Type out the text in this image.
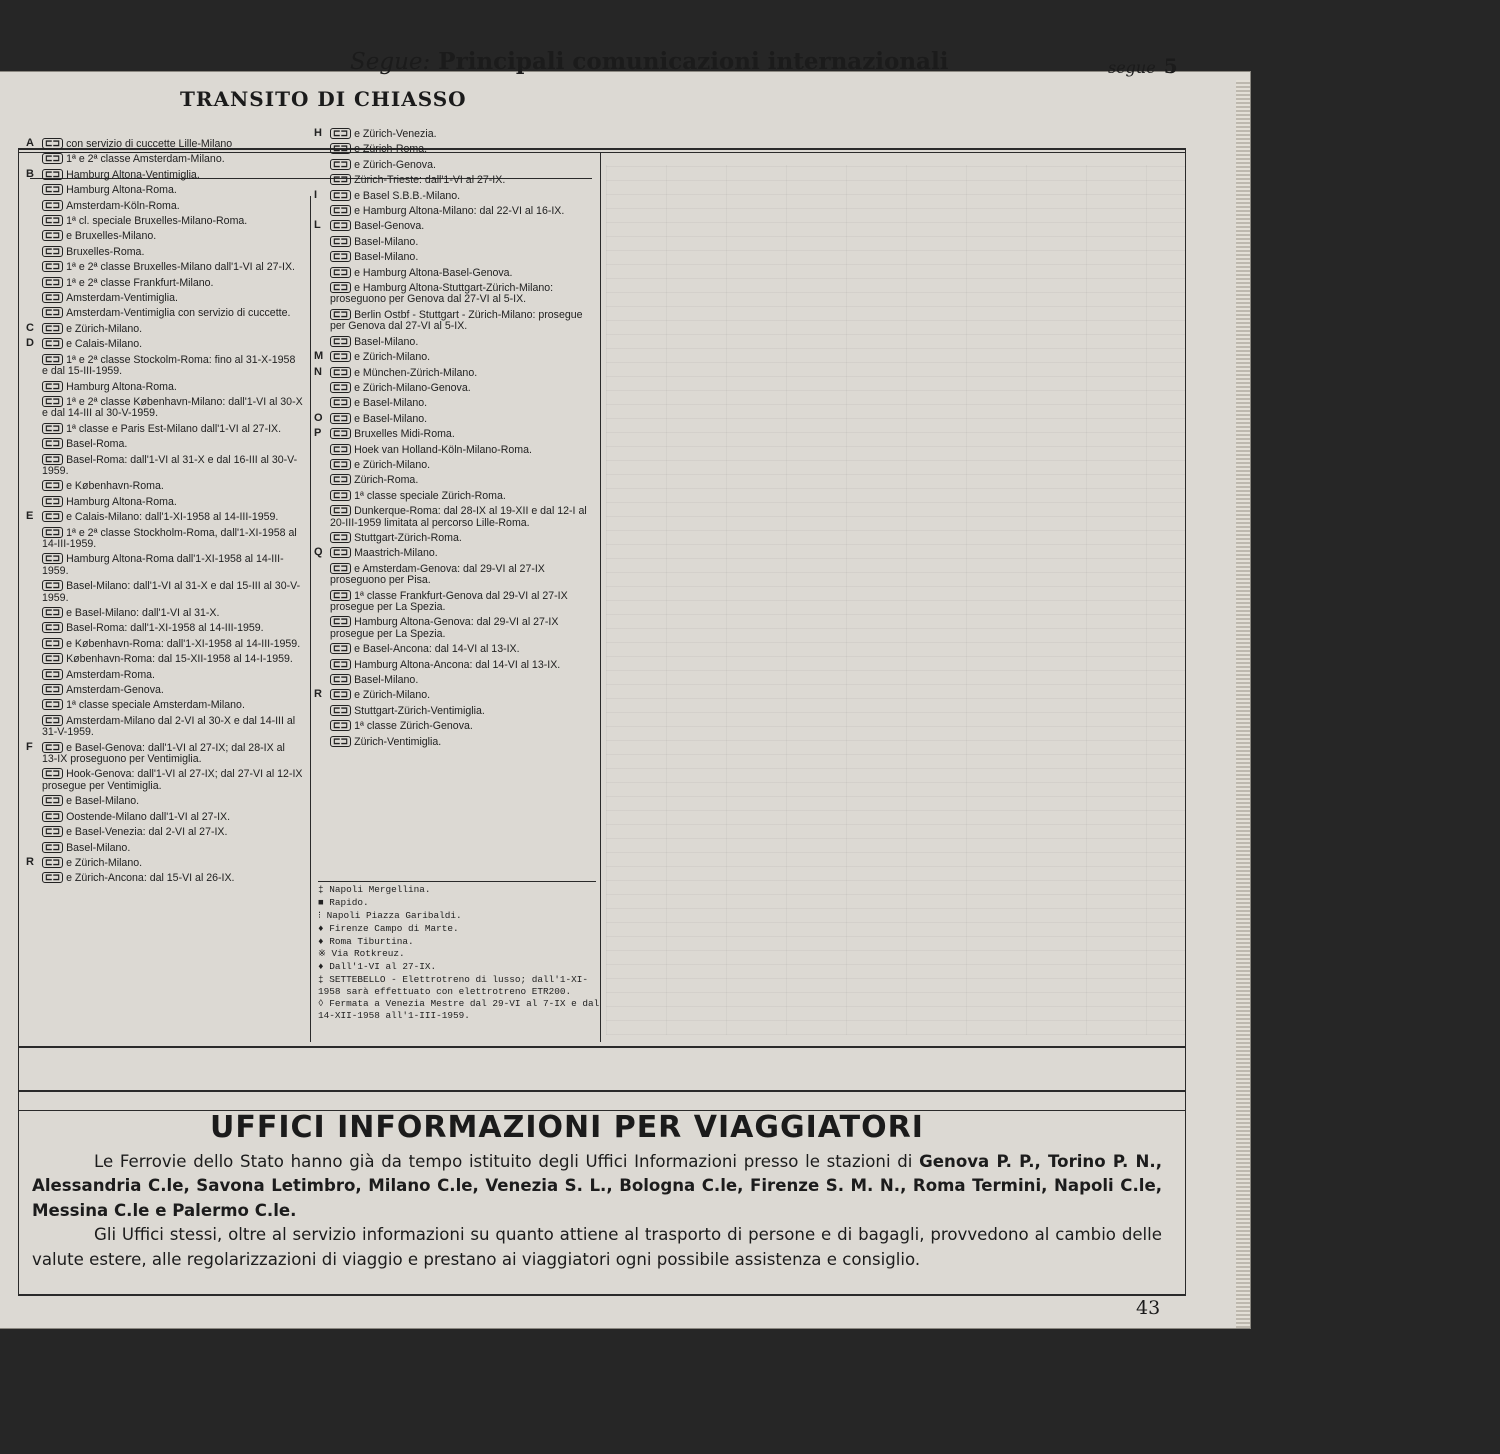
Segue: Principali comunicazioni internazionali	segue 5
TRANSITO DI CHIASSO
A	⊏⊐ con servizio di cuccette Lille-Milano
⊏⊐ 1ª e 2ª classe Amsterdam-Milano.
B	⊏⊐ Hamburg Altona-Ventimiglia.
⊏⊐ Hamburg Altona-Roma.
⊏⊐ Amsterdam-Köln-Roma.
⊏⊐ 1ª cl. speciale Bruxelles-Milano-Roma.
⊏⊐ e Bruxelles-Milano.
⊏⊐ Bruxelles-Roma.
⊏⊐ 1ª e 2ª classe Bruxelles-Milano dall'1-VI al 27-IX.
⊏⊐ 1ª e 2ª classe Frankfurt-Milano.
⊏⊐ Amsterdam-Ventimiglia.
⊏⊐ Amsterdam-Ventimiglia con servizio di cuccette.
C	⊏⊐ e Zürich-Milano.
D	⊏⊐ e Calais-Milano.
⊏⊐ 1ª e 2ª classe Stockolm-Roma: fino al 31-X-1958 e dal 15-III-1959.
⊏⊐ Hamburg Altona-Roma.
⊏⊐ 1ª e 2ª classe København-Milano: dall'1-VI al 30-X e dal 14-III al 30-V-1959.
⊏⊐ 1ª classe e Paris Est-Milano dall'1-VI al 27-IX.
⊏⊐ Basel-Roma.
⊏⊐ Basel-Roma: dall'1-VI al 31-X e dal 16-III al 30-V-1959.
⊏⊐ e København-Roma.
⊏⊐ Hamburg Altona-Roma.
E	⊏⊐ e Calais-Milano: dall'1-XI-1958 al 14-III-1959.
⊏⊐ 1ª e 2ª classe Stockholm-Roma, dall'1-XI-1958 al 14-III-1959.
⊏⊐ Hamburg Altona-Roma dall'1-XI-1958 al 14-III-1959.
⊏⊐ Basel-Milano: dall'1-VI al 31-X e dal 15-III al 30-V-1959.
⊏⊐ e Basel-Milano: dall'1-VI al 31-X.
⊏⊐ Basel-Roma: dall'1-XI-1958 al 14-III-1959.
⊏⊐ e København-Roma: dall'1-XI-1958 al 14-III-1959.
⊏⊐ København-Roma: dal 15-XII-1958 al 14-I-1959.
⊏⊐ Amsterdam-Roma.
⊏⊐ Amsterdam-Genova.
⊏⊐ 1ª classe speciale Amsterdam-Milano.
⊏⊐ Amsterdam-Milano dal 2-VI al 30-X e dal 14-III al 31-V-1959.
F	⊏⊐ e Basel-Genova: dall'1-VI al 27-IX; dal 28-IX al 13-IX proseguono per Ventimiglia.
⊏⊐ Hook-Genova: dall'1-VI al 27-IX; dal 27-VI al 12-IX prosegue per Ventimiglia.
⊏⊐ e Basel-Milano.
⊏⊐ Oostende-Milano dall'1-VI al 27-IX.
⊏⊐ e Basel-Venezia: dal 2-VI al 27-IX.
⊏⊐ Basel-Milano.
R	⊏⊐ e Zürich-Milano.
⊏⊐ e Zürich-Ancona: dal 15-VI al 26-IX.
H	⊏⊐ e Zürich-Venezia.
⊏⊐ e Zürich-Roma.
⊏⊐ e Zürich-Genova.
⊏⊐ Zürich-Trieste: dall'1-VI al 27-IX.
I	⊏⊐ e Basel S.B.B.-Milano.
⊏⊐ e Hamburg Altona-Milano: dal 22-VI al 16-IX.
L	⊏⊐ Basel-Genova.
⊏⊐ Basel-Milano.
⊏⊐ Basel-Milano.
⊏⊐ e Hamburg Altona-Basel-Genova.
⊏⊐ e Hamburg Altona-Stuttgart-Zürich-Milano: proseguono per Genova dal 27-VI al 5-IX.
⊏⊐ Berlin Ostbf - Stuttgart - Zürich-Milano: prosegue per Genova dal 27-VI al 5-IX.
⊏⊐ Basel-Milano.
M	⊏⊐ e Zürich-Milano.
N	⊏⊐ e München-Zürich-Milano.
⊏⊐ e Zürich-Milano-Genova.
⊏⊐ e Basel-Milano.
O	⊏⊐ e Basel-Milano.
P	⊏⊐ Bruxelles Midi-Roma.
⊏⊐ Hoek van Holland-Köln-Milano-Roma.
⊏⊐ e Zürich-Milano.
⊏⊐ Zürich-Roma.
⊏⊐ 1ª classe speciale Zürich-Roma.
⊏⊐ Dunkerque-Roma: dal 28-IX al 19-XII e dal 12-I al 20-III-1959 limitata al percorso Lille-Roma.
⊏⊐ Stuttgart-Zürich-Roma.
Q	⊏⊐ Maastrich-Milano.
⊏⊐ e Amsterdam-Genova: dal 29-VI al 27-IX proseguono per Pisa.
⊏⊐ 1ª classe Frankfurt-Genova dal 29-VI al 27-IX prosegue per La Spezia.
⊏⊐ Hamburg Altona-Genova: dal 29-VI al 27-IX prosegue per La Spezia.
⊏⊐ e Basel-Ancona: dal 14-VI al 13-IX.
⊏⊐ Hamburg Altona-Ancona: dal 14-VI al 13-IX.
⊏⊐ Basel-Milano.
R	⊏⊐ e Zürich-Milano.
⊏⊐ Stuttgart-Zürich-Ventimiglia.
⊏⊐ 1ª classe Zürich-Genova.
⊏⊐ Zürich-Ventimiglia.
‡ Napoli Mergellina.
■ Rapido.
⁝ Napoli Piazza Garibaldi.
♦ Firenze Campo di Marte.
♦ Roma Tiburtina.
※ Via Rotkreuz.
♦ Dall'1-VI al 27-IX.
‡ SETTEBELLO - Elettrotreno di lusso; dall'1-XI-1958 sarà effettuato con elettrotreno ETR200.
◊ Fermata a Venezia Mestre dal 29-VI al 7-IX e dal 14-XII-1958 all'1-III-1959.
UFFICI INFORMAZIONI PER VIAGGIATORI

Le Ferrovie dello Stato hanno già da tempo istituito degli Uffici Informazioni presso le stazioni di Genova P. P., Torino P. N., Alessandria C.le, Savona Letimbro, Milano C.le, Venezia S. L., Bologna C.le, Firenze S. M. N., Roma Termini, Napoli C.le, Messina C.le e Palermo C.le.

Gli Uffici stessi, oltre al servizio informazioni su quanto attiene al trasporto di persone e di bagagli, provvedono al cambio delle valute estere, alle regolarizzazioni di viaggio e prestano ai viaggiatori ogni possibile assistenza e consiglio.

43
